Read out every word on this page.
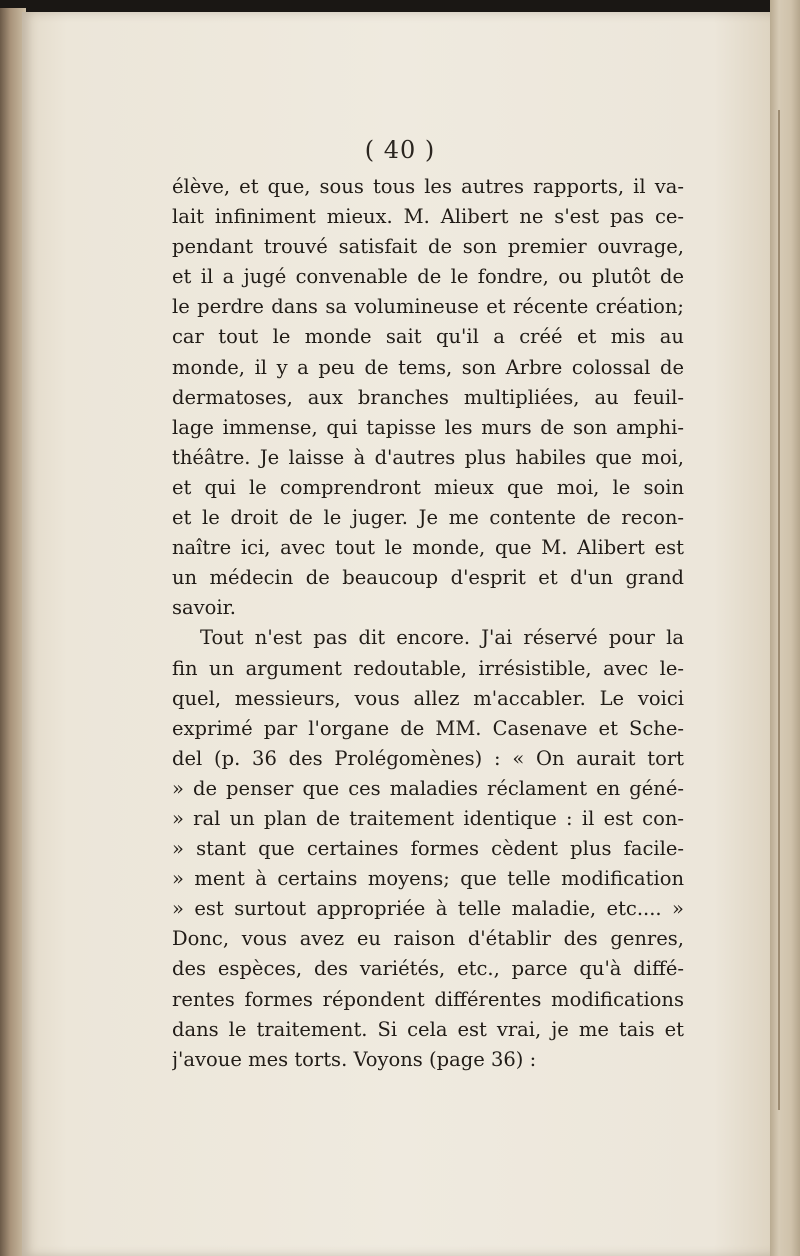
( 40 )
élève, et que, sous tous les autres rapports, il va-
lait infiniment mieux. M. Alibert ne s'est pas ce-
pendant trouvé satisfait de son premier ouvrage,
et il a jugé convenable de le fondre, ou plutôt de
le perdre dans sa volumineuse et récente création;
car tout le monde sait qu'il a créé et mis au
monde, il y a peu de tems, son Arbre colossal de
dermatoses, aux branches multipliées, au feuil-
lage immense, qui tapisse les murs de son amphi-
théâtre. Je laisse à d'autres plus habiles que moi,
et qui le comprendront mieux que moi, le soin
et le droit de le juger. Je me contente de recon-
naître ici, avec tout le monde, que M. Alibert est
un médecin de beaucoup d'esprit et d'un grand
savoir.
Tout n'est pas dit encore. J'ai réservé pour la
fin un argument redoutable, irrésistible, avec le-
quel, messieurs, vous allez m'accabler. Le voici
exprimé par l'organe de MM. Casenave et Sche-
del (p. 36 des Prolégomènes) : « On aurait tort
» de penser que ces maladies réclament en géné-
» ral un plan de traitement identique : il est con-
» stant que certaines formes cèdent plus facile-
» ment à certains moyens; que telle modification
» est surtout appropriée à telle maladie, etc.... »
Donc, vous avez eu raison d'établir des genres,
des espèces, des variétés, etc., parce qu'à diffé-
rentes formes répondent différentes modifications
dans le traitement. Si cela est vrai, je me tais et
j'avoue mes torts. Voyons (page 36) :
